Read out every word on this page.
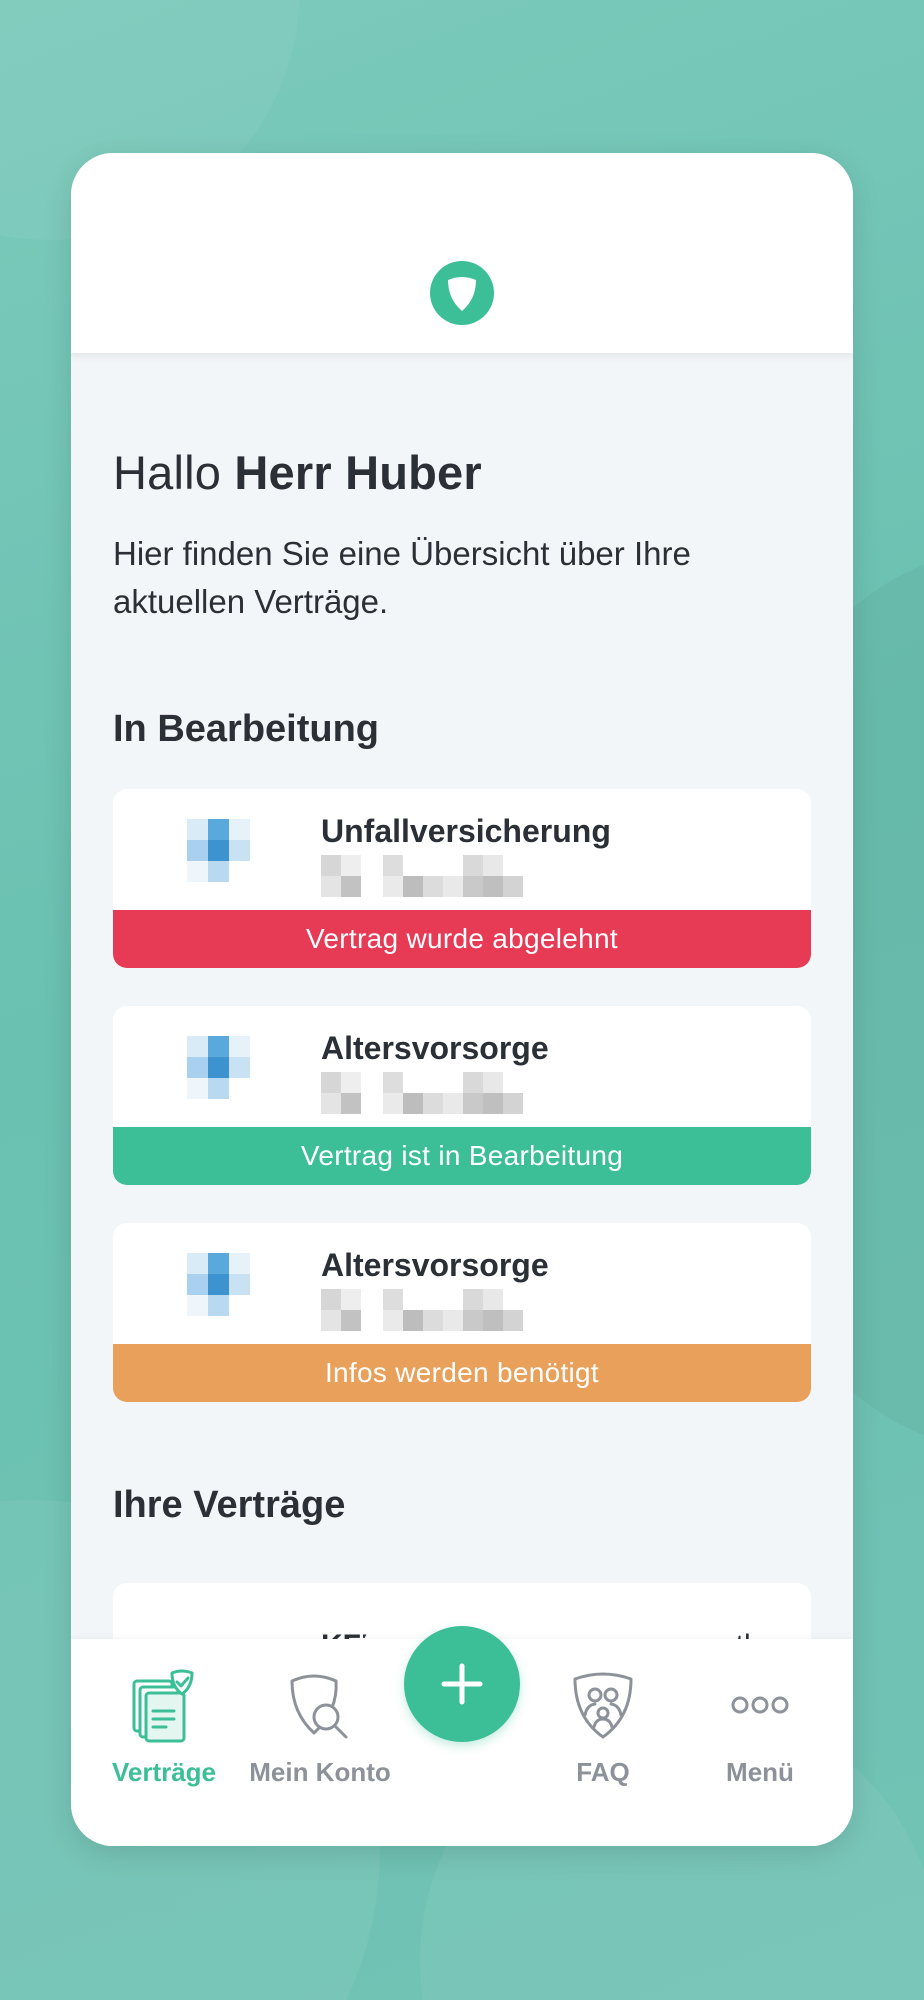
Hallo Herr Huber

Hier finden Sie eine Übersicht über Ihre aktuellen Verträge.

In Bearbeitung
Unfallversicherung
Vertrag wurde abgelehnt
Altersvorsorge
Vertrag ist in Bearbeitung
Altersvorsorge
Infos werden benötigt
Ihre Verträge
Verträge Mein Konto	FAQ	Menü
